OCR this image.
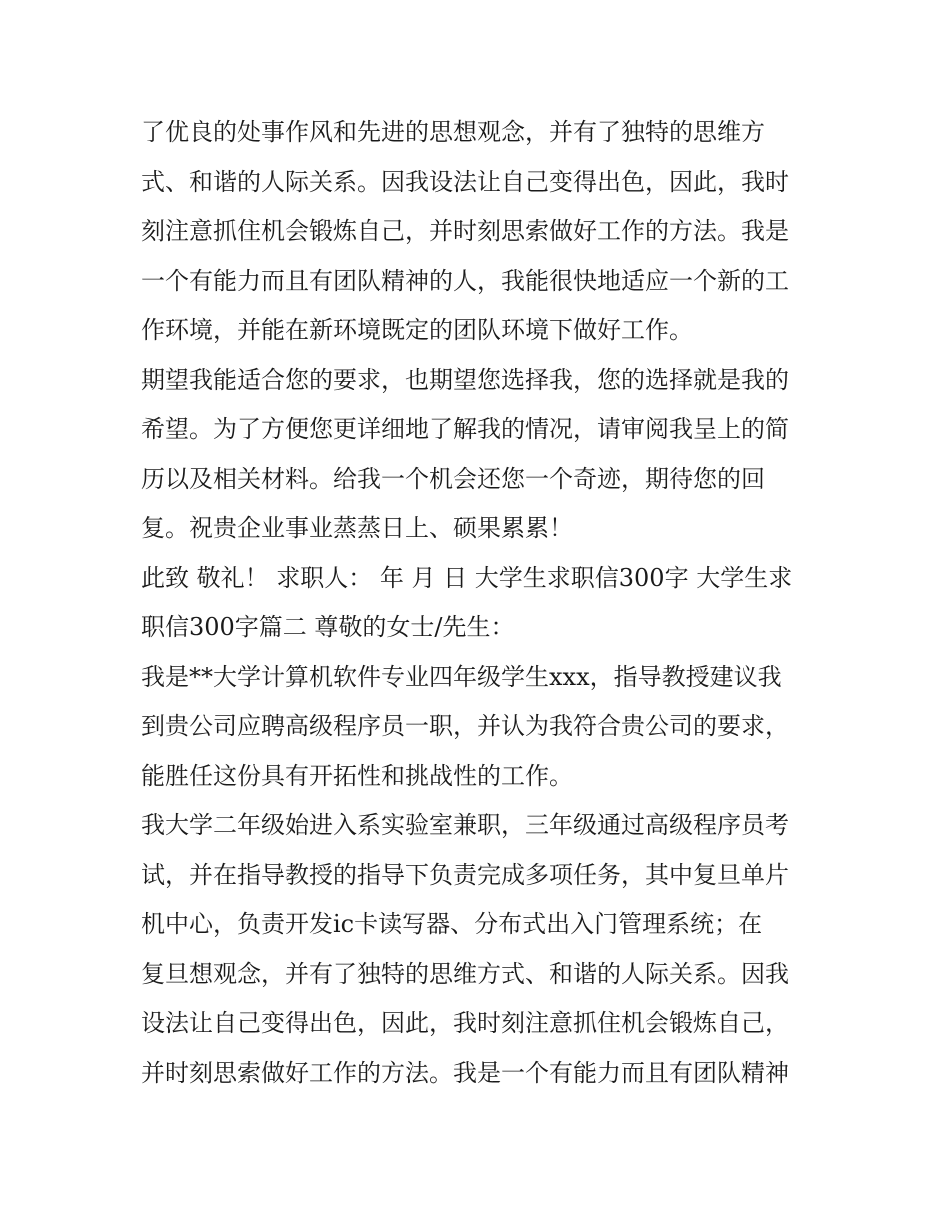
了优良的处事作风和先进的思想观念，并有了独特的思维方
式、和谐的人际关系。因我设法让自己变得出色，因此，我时
刻注意抓住机会锻炼自己，并时刻思索做好工作的方法。我是
一个有能力而且有团队精神的人，我能很快地适应一个新的工
作环境，并能在新环境既定的团队环境下做好工作。
期望我能适合您的要求，也期望您选择我，您的选择就是我的
希望。为了方便您更详细地了解我的情况，请审阅我呈上的简
历以及相关材料。给我一个机会还您一个奇迹，期待您的回
复。祝贵企业事业蒸蒸日上、硕果累累！
此致 敬礼！ 求职人： 年 月 日 大学生求职信300字 大学生求
职信300字篇二 尊敬的女士/先生：
我是**大学计算机软件专业四年级学生xxx，指导教授建议我
到贵公司应聘高级程序员一职，并认为我符合贵公司的要求，
能胜任这份具有开拓性和挑战性的工作。
我大学二年级始进入系实验室兼职，三年级通过高级程序员考
试，并在指导教授的指导下负责完成多项任务，其中复旦单片
机中心，负责开发ic卡读写器、分布式出入门管理系统；在
复旦想观念，并有了独特的思维方式、和谐的人际关系。因我
设法让自己变得出色，因此，我时刻注意抓住机会锻炼自己，
并时刻思索做好工作的方法。我是一个有能力而且有团队精神
